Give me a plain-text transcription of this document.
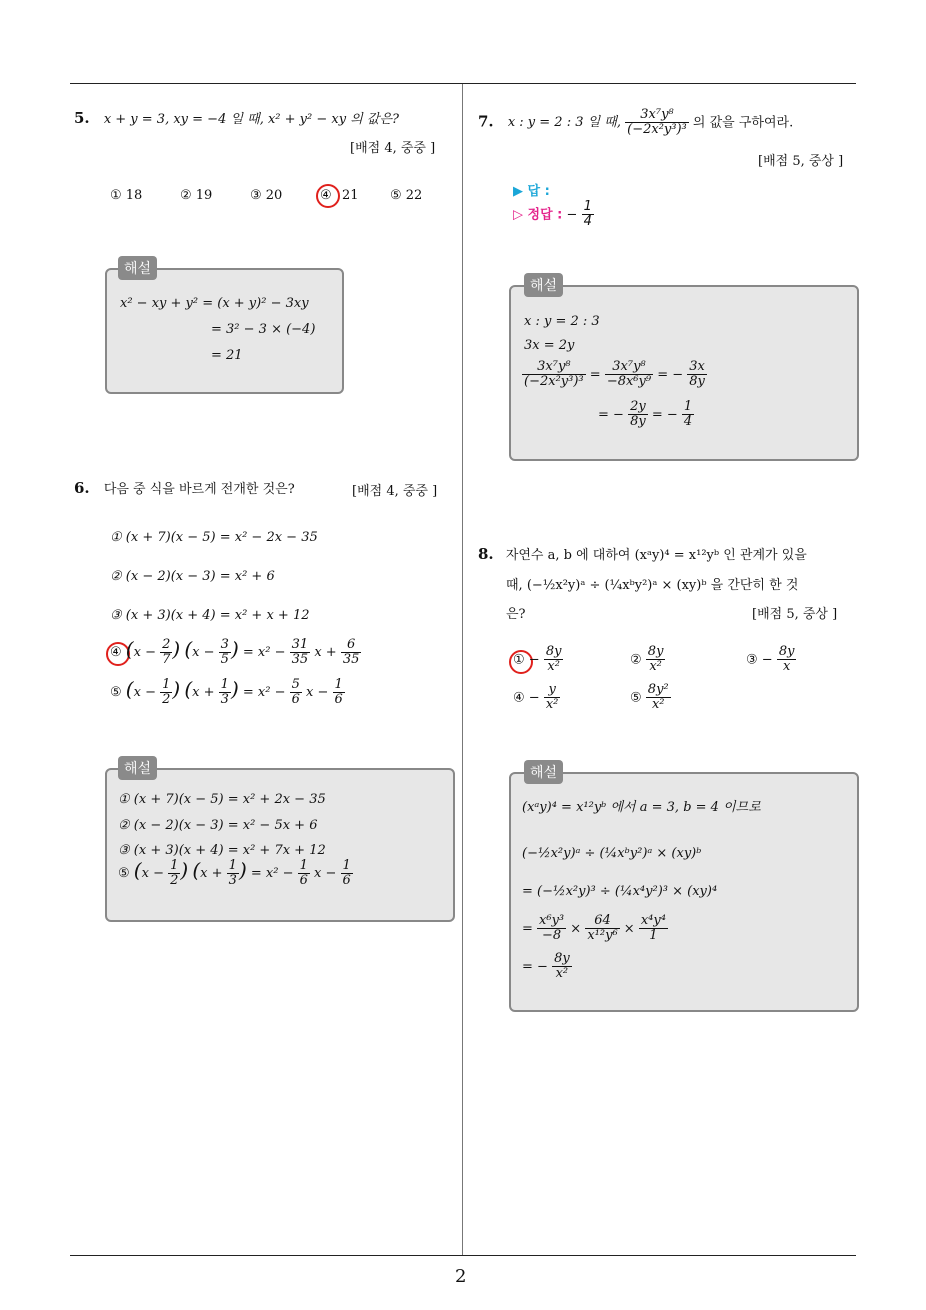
5. x + y = 3, xy = −4 일 때, x² + y² − xy 의 값은?
[배점 4, 중중 ]
① 18	② 19	③ 20	④ 21 ⑤ 22
해설
x² − xy + y² = (x + y)² − 3xy
= 3² − 3 × (−4)
= 21
6. 다음 중 식을 바르게 전개한 것은?	[배점 4, 중중 ]
① (x + 7)(x − 5) = x² − 2x − 35
② (x − 2)(x − 3) = x² + 6
③ (x + 3)(x + 4) = x² + x + 12
④ ($x - \frac{2}{7}$ ) ($x - \frac{3}{5}$ ) = $x^2 - \frac{31}{35}$ $x + \frac{6}{35}$
⑤ ($x - \frac{1}{2}$ ) ($x + \frac{1}{3}$ ) = $x^2 - \frac{5}{6}$ $x - \frac{1}{6}$
해설
① (x + 7)(x − 5) = x² + 2x − 35
② (x − 2)(x − 3) = x² − 5x + 6
③ (x + 3)(x + 4) = x² + 7x + 12
⑤ ($x - \frac{1}{2}$ ) ($x + \frac{1}{3}$ ) = $x^2 - \frac{1}{6}$ $x - \frac{1}{6}$
7. x : y = 2 : 3 일 때, $\frac{\text{3x⁷y⁸}}{\text{(−2x²y³)³}}$ 의 값을 구하여라.
[배점 5, 중상 ]
▶ 답 :
▷ 정답 : − $\frac{1}{4}$
해설
x : y = 2 : 3
3x = 2y
$\frac{\text{3x⁷y⁸}}{\text{(−2x²y³)³}} = \frac{\text{3x⁷y⁸}}{\text{−8x⁶y⁹}}$ = − $\frac{3x}{8y}$
= − $\frac{2y}{8y}$ = − $\frac{1}{4}$
8. 자연수 a, b 에 대하여 (xᵃy)⁴ = x¹²yᵇ 인 관계가 있을
때, (−½x²y)ᵃ ÷ (¼xᵇy²)ᵃ × (xy)ᵇ 을 간단히 한 것
은?	[배점 5, 중상 ]
① − $\frac{8y}{\text{x²}}$	② $\frac{8y}{\text{x²}}$	③ − $\frac{8y}{x}$
④ − $\frac{y}{\text{x²}}$	⑤ $\frac{\text{8y²}}{\text{x²}}$
해설
(xᵃy)⁴ = x¹²yᵇ 에서 a = 3, b = 4 이므로
(−½x²y)ᵃ ÷ (¼xᵇy²)ᵃ × (xy)ᵇ
= (−½x²y)³ ÷ (¼x⁴y²)³ × (xy)⁴
= $\frac{\text{x⁶y³}}{-8} \times \frac{64}{\text{x¹²y⁶}} \times \frac{\text{x⁴y⁴}}{1}$
= − $\frac{8y}{\text{x²}}$
2
